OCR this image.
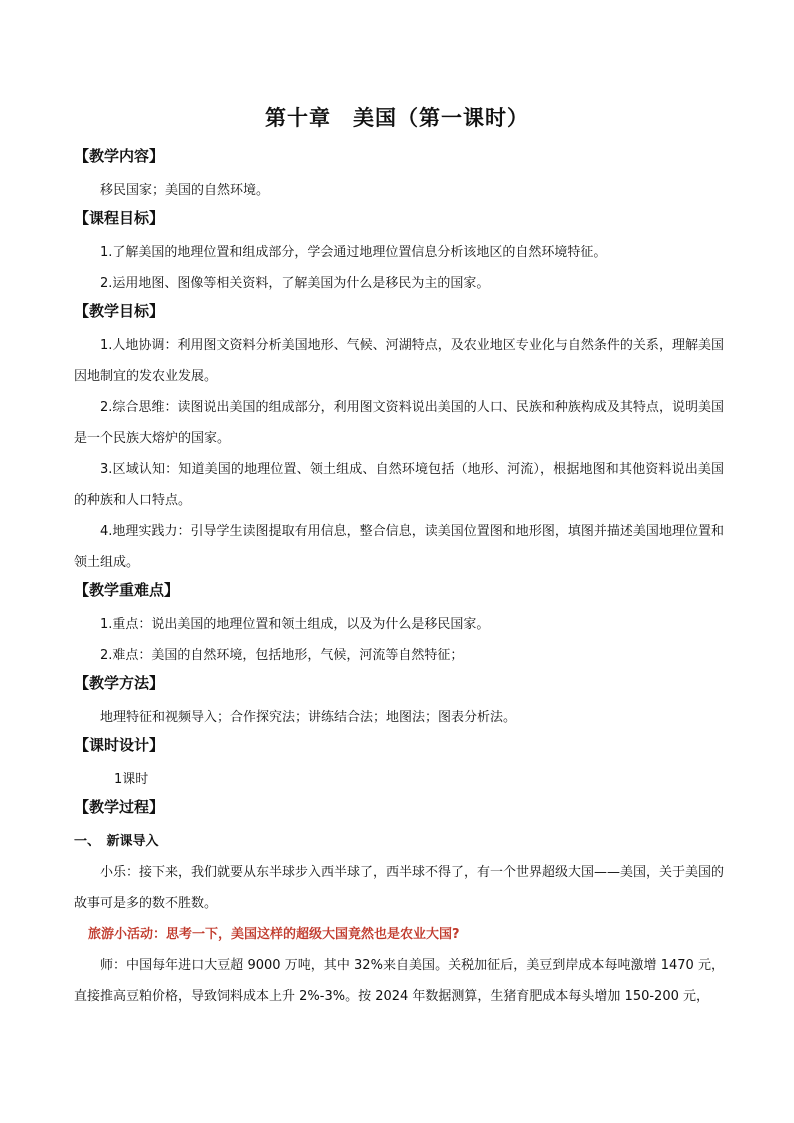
第十章　美国（第一课时）
【教学内容】
移民国家；美国的自然环境。
【课程目标】
1.了解美国的地理位置和组成部分，学会通过地理位置信息分析该地区的自然环境特征。
2.运用地图、图像等相关资料，了解美国为什么是移民为主的国家。
【教学目标】
1.人地协调：利用图文资料分析美国地形、气候、河湖特点，及农业地区专业化与自然条件的关系，理解美国因地制宜的发农业发展。
2.综合思维：读图说出美国的组成部分，利用图文资料说出美国的人口、民族和种族构成及其特点，说明美国是一个民族大熔炉的国家。
3.区域认知：知道美国的地理位置、领土组成、自然环境包括（地形、河流），根据地图和其他资料说出美国的种族和人口特点。
4.地理实践力：引导学生读图提取有用信息，整合信息，读美国位置图和地形图，填图并描述美国地理位置和领土组成。
【教学重难点】
1.重点：说出美国的地理位置和领土组成，以及为什么是移民国家。
2.难点：美国的自然环境，包括地形，气候，河流等自然特征；
【教学方法】
地理特征和视频导入；合作探究法；讲练结合法；地图法；图表分析法。
【课时设计】
1课时
【教学过程】
一、　新课导入
小乐：接下来，我们就要从东半球步入西半球了，西半球不得了，有一个世界超级大国——美国，关于美国的故事可是多的数不胜数。
旅游小活动：思考一下，美国这样的超级大国竟然也是农业大国?
师：中国每年进口大豆超 9000 万吨，其中 32%来自美国。关税加征后，美豆到岸成本每吨激增 1470 元，直接推高豆粕价格，导致饲料成本上升 2%-3%。按 2024 年数据测算，生猪育肥成本每头增加 150-200 元，
